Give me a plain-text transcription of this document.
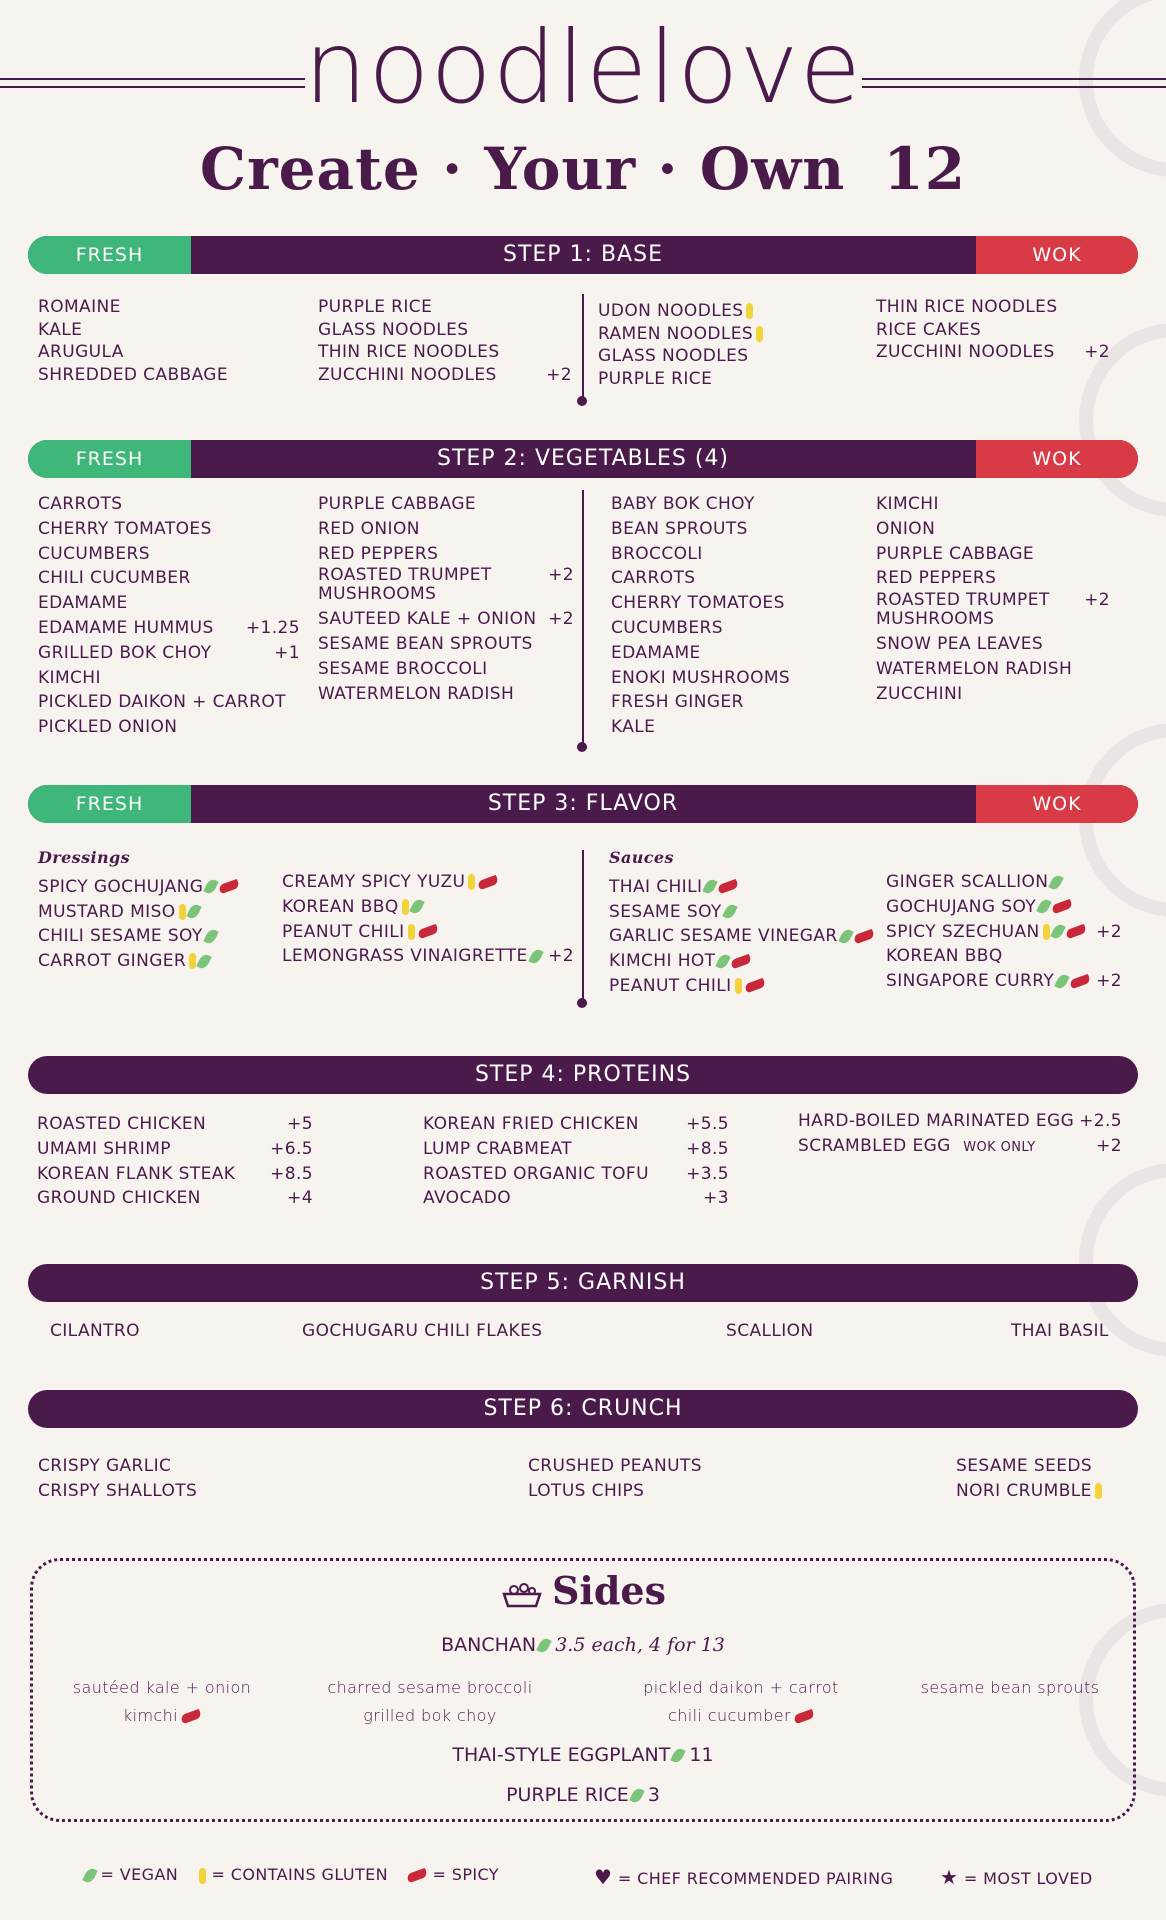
noodlelove
Create · Your · Own 12
FRESH	STEP 1: BASE	WOK
ROMAINE
KALE
ARUGULA
SHREDDED CABBAGE
PURPLE RICE
GLASS NOODLES
THIN RICE NOODLES
ZUCCHINI NOODLES	+2
UDON NOODLES
RAMEN NOODLES
GLASS NOODLES
PURPLE RICE
THIN RICE NOODLES
RICE CAKES
ZUCCHINI NOODLES +2
FRESH	STEP 2: VEGETABLES (4)	WOK
CARROTS
CHERRY TOMATOES
CUCUMBERS
CHILI CUCUMBER
EDAMAME
EDAMAME HUMMUS +1.25
GRILLED BOK CHOY	+1
KIMCHI
PICKLED DAIKON + CARROT
PICKLED ONION
PURPLE CABBAGE
RED ONION
RED PEPPERS
ROASTED TRUMPET MUSHROOMS
+2
SAUTEED KALE + ONION +2
SESAME BEAN SPROUTS
SESAME BROCCOLI
WATERMELON RADISH
BABY BOK CHOY
BEAN SPROUTS
BROCCOLI
CARROTS
CHERRY TOMATOES
CUCUMBERS
EDAMAME
ENOKI MUSHROOMS
FRESH GINGER
KALE
KIMCHI
ONION
PURPLE CABBAGE
RED PEPPERS
ROASTED TRUMPET MUSHROOMS
+2
SNOW PEA LEAVES
WATERMELON RADISH
ZUCCHINI
FRESH	STEP 3: FLAVOR	WOK
Dressings
SPICY GOCHUJANG
MUSTARD MISO
CHILI SESAME SOY
CARROT GINGER
CREAMY SPICY YUZU
KOREAN BBQ
PEANUT CHILI
LEMONGRASS VINAIGRETTE	+2
Sauces
THAI CHILI
SESAME SOY
GARLIC SESAME VINEGAR
KIMCHI HOT
PEANUT CHILI
GINGER SCALLION
GOCHUJANG SOY
SPICY SZECHUAN	+2
KOREAN BBQ
SINGAPORE CURRY	+2
STEP 4: PROTEINS
ROASTED CHICKEN	+5
UMAMI SHRIMP	+6.5
KOREAN FLANK STEAK +8.5
GROUND CHICKEN	+4
KOREAN FRIED CHICKEN	+5.5
LUMP CRABMEAT	+8.5
ROASTED ORGANIC TOFU +3.5
AVOCADO	+3
HARD-BOILED MARINATED EGG +2.5
SCRAMBLED EGG WOK ONLY	+2
STEP 5: GARNISH
CILANTRO	GOCHUGARU CHILI FLAKES	SCALLION	THAI BASIL
STEP 6: CRUNCH
CRISPY GARLIC
CRISPY SHALLOTS
CRUSHED PEANUTS
LOTUS CHIPS
SESAME SEEDS
NORI CRUMBLE
Sides
BANCHAN 3.5 each, 4 for 13
sautéed kale + onion
kimchi
charred sesame broccoli
grilled bok choy
pickled daikon + carrot
chili cucumber
sesame bean sprouts
THAI-STYLE EGGPLANT 11
PURPLE RICE 3
= VEGAN	= CONTAINS GLUTEN	= SPICY	♥ = CHEF RECOMMENDED PAIRING ★ = MOST LOVED
